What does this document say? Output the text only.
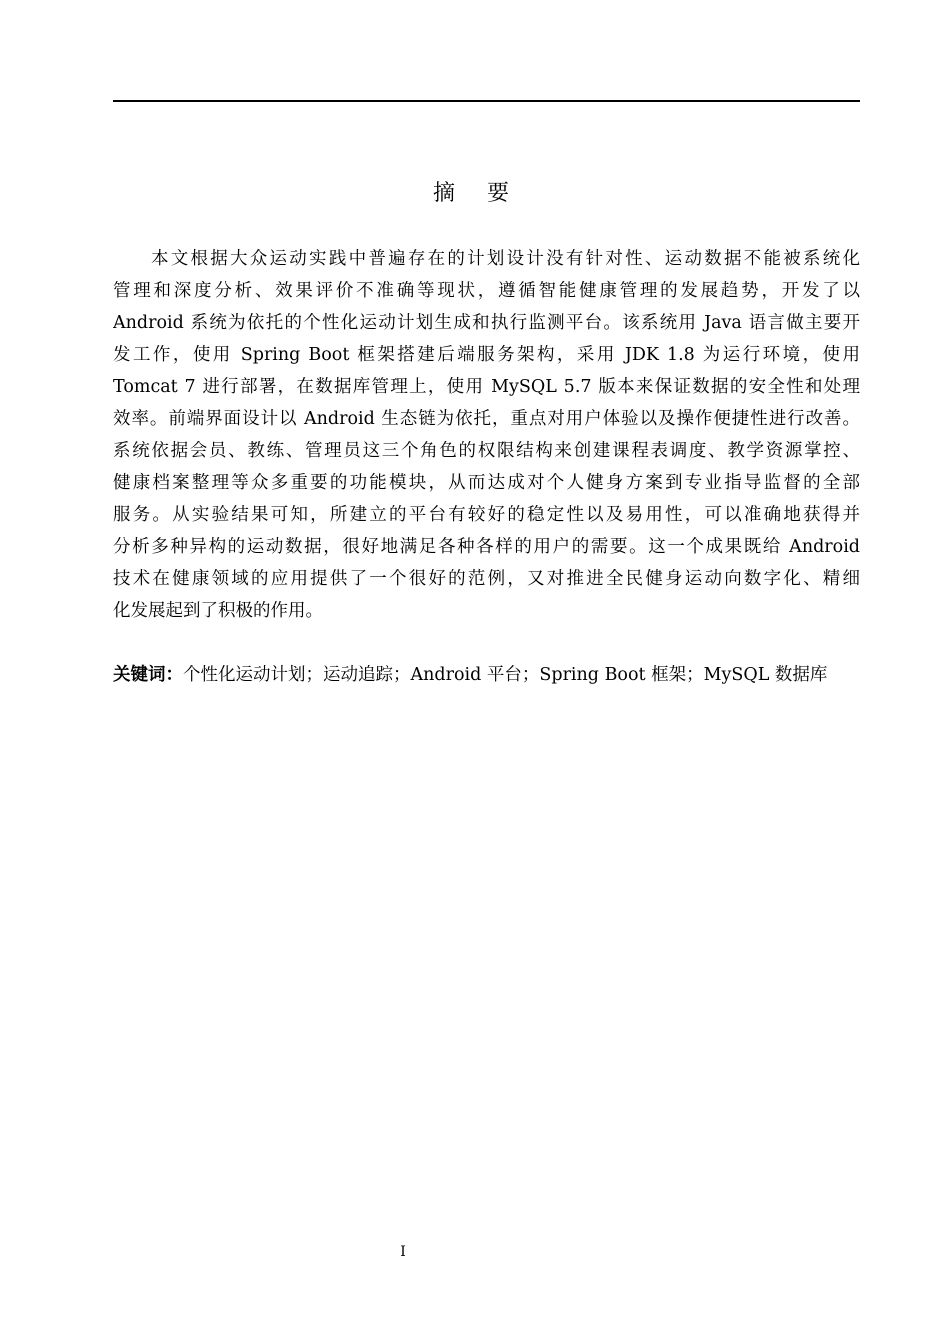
摘要
本文根据大众运动实践中普遍存在的计划设计没有针对性、运动数据不能被系统化
管理和深度分析、效果评价不准确等现状，遵循智能健康管理的发展趋势，开发了以
Android 系统为依托的个性化运动计划生成和执行监测平台。该系统用 Java 语言做主要开
发工作，使用 Spring Boot 框架搭建后端服务架构，采用 JDK 1.8 为运行环境，使用
Tomcat 7 进行部署，在数据库管理上，使用 MySQL 5.7 版本来保证数据的安全性和处理
效率。前端界面设计以 Android 生态链为依托，重点对用户体验以及操作便捷性进行改善。
系统依据会员、教练、管理员这三个角色的权限结构来创建课程表调度、教学资源掌控、
健康档案整理等众多重要的功能模块，从而达成对个人健身方案到专业指导监督的全部
服务。从实验结果可知，所建立的平台有较好的稳定性以及易用性，可以准确地获得并
分析多种异构的运动数据，很好地满足各种各样的用户的需要。这一个成果既给 Android
技术在健康领域的应用提供了一个很好的范例，又对推进全民健身运动向数字化、精细
化发展起到了积极的作用。
关键词：个性化运动计划；运动追踪；Android 平台；Spring Boot 框架；MySQL 数据库
I
